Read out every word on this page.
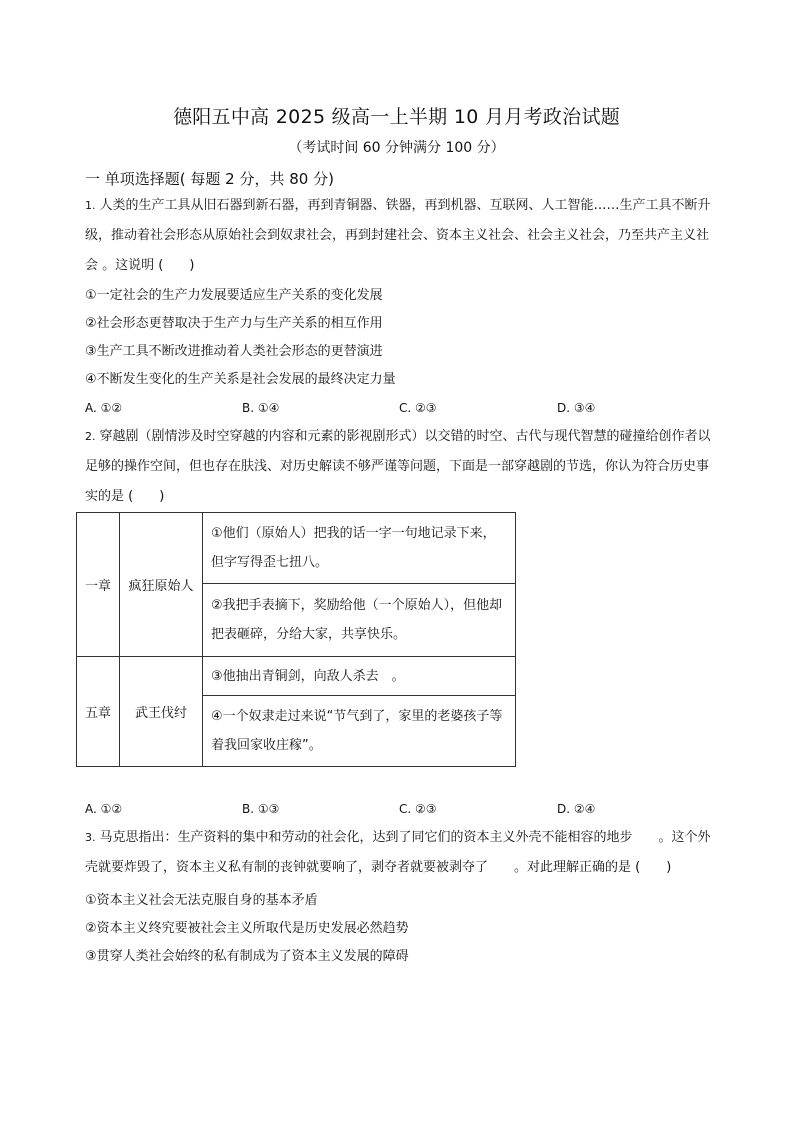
德阳五中高 2025 级高一上半期 10 月月考政治试题
（考试时间 60 分钟满分 100 分）
一 单项选择题( 每题 2 分，共 80 分)
1. 人类的生产工具从旧石器到新石器，再到青铜器、铁器，再到机器、互联网、人工智能……生产工具不断升级，推动着社会形态从原始社会到奴隶社会，再到封建社会、资本主义社会、社会主义社会，乃至共产主义社会 。这说明 (　　)
①一定社会的生产力发展要适应生产关系的变化发展
②社会形态更替取决于生产力与生产关系的相互作用
③生产工具不断改进推动着人类社会形态的更替演进
④不断发生变化的生产关系是社会发展的最终决定力量
A. ①②	B. ①④	C. ②③	D. ③④
2. 穿越剧（剧情涉及时空穿越的内容和元素的影视剧形式）以交错的时空、古代与现代智慧的碰撞给创作者以足够的操作空间，但也存在肤浅、对历史解读不够严谨等问题，下面是一部穿越剧的节选，你认为符合历史事实的是 (　　)
一章	疯狂原始人	①他们（原始人）把我的话一字一句地记录下来，但字写得歪七扭八。
		②我把手表摘下，奖励给他（一个原始人），但他却把表砸碎，分给大家，共享快乐。
五章	武王伐纣	③他抽出青铜剑，向敌人杀去　。
		④一个奴隶走过来说“节气到了，家里的老婆孩子等着我回家收庄稼”。
A. ①②	B. ①③	C. ②③	D. ②④
3. 马克思指出：生产资料的集中和劳动的社会化，达到了同它们的资本主义外壳不能相容的地步　　。这个外壳就要炸毁了，资本主义私有制的丧钟就要响了，剥夺者就要被剥夺了　　。对此理解正确的是 (　　)
①资本主义社会无法克服自身的基本矛盾
②资本主义终究要被社会主义所取代是历史发展必然趋势
③贯穿人类社会始终的私有制成为了资本主义发展的障碍
